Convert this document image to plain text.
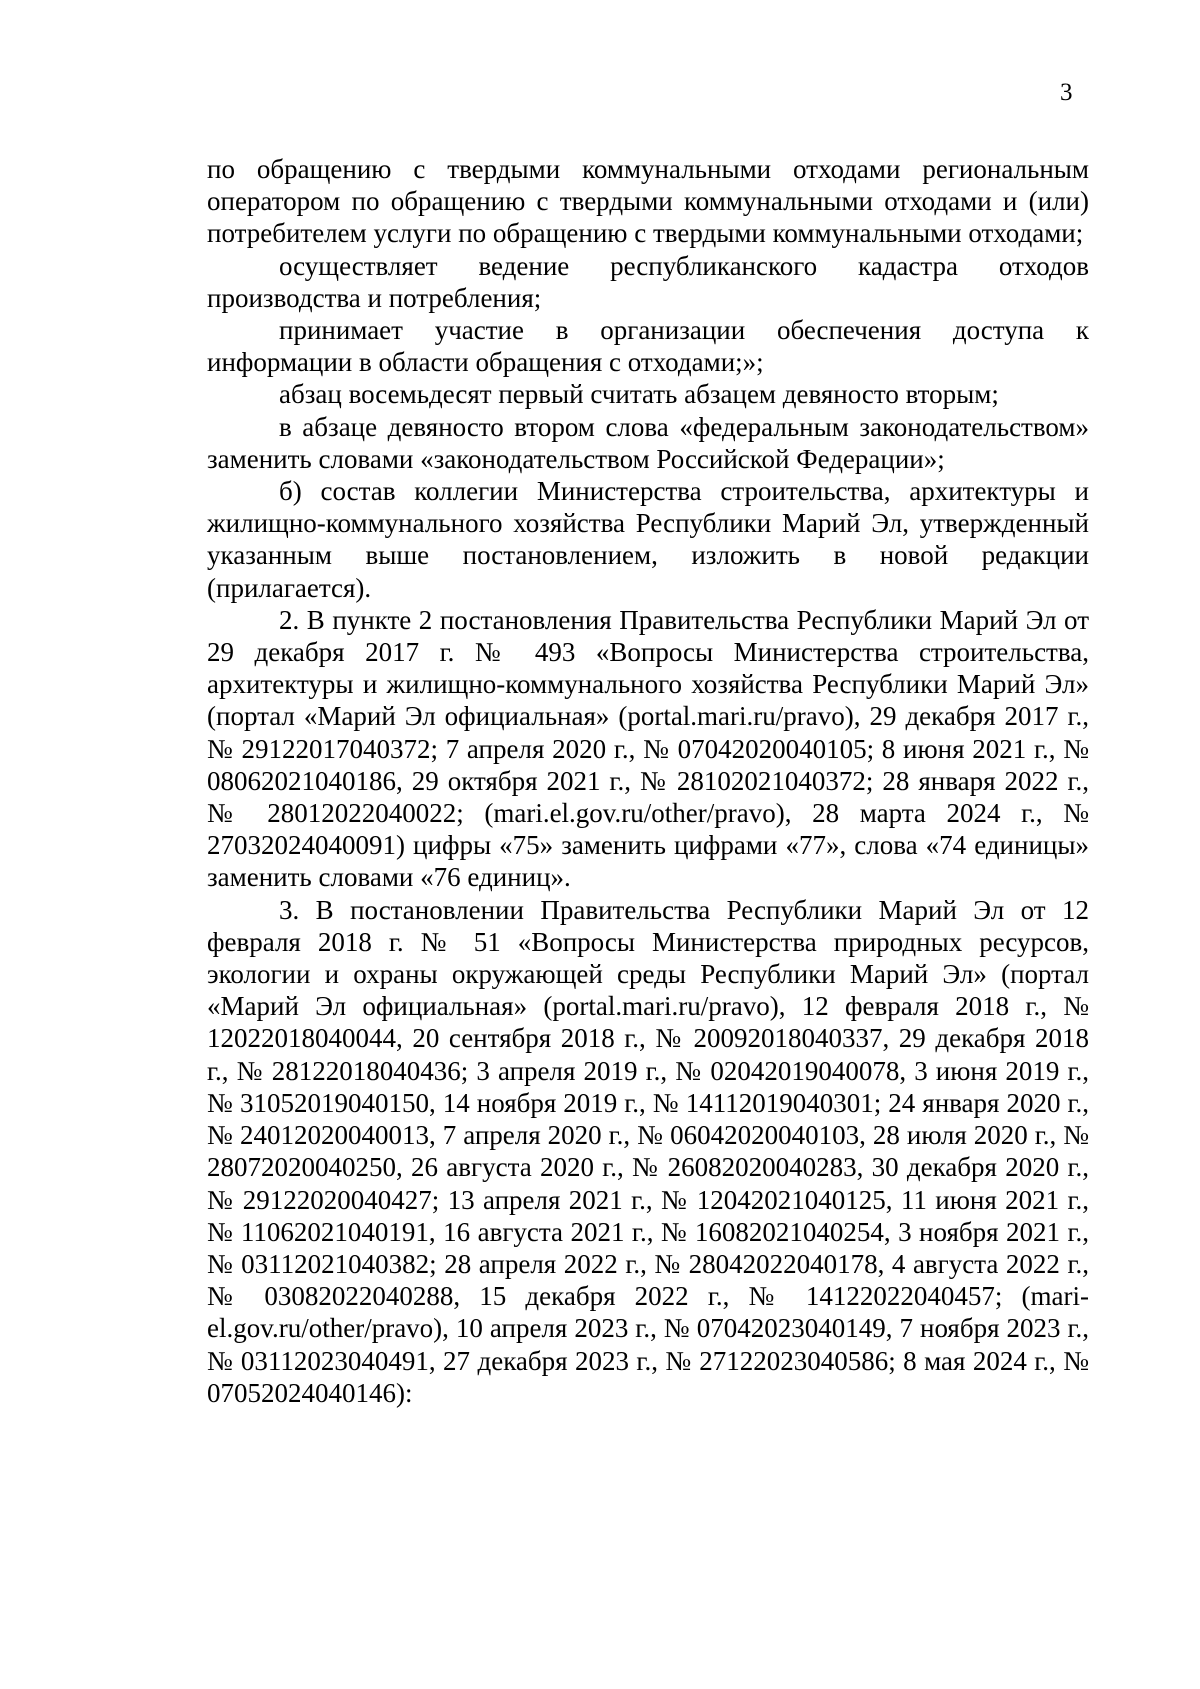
3

по обращению с твердыми коммунальными отходами региональным оператором по обращению с твердыми коммунальными отходами и (или) потребителем услуги по обращению с твердыми коммунальными отходами;

осуществляет ведение республиканского кадастра отходов производства и потребления;

принимает участие в организации обеспечения доступа к информации в области обращения с отходами;»;

абзац восемьдесят первый считать абзацем девяносто вторым;

в абзаце девяносто втором слова «федеральным законодательством» заменить словами «законодательством Российской Федерации»;

б) состав коллегии Министерства строительства, архитектуры и жилищно-коммунального хозяйства Республики Марий Эл, утвержденный указанным выше постановлением, изложить в новой редакции (прилагается).

2. В пункте 2 постановления Правительства Республики Марий Эл от 29 декабря 2017 г. № 493 «Вопросы Министерства строительства, архитектуры и жилищно-коммунального хозяйства Республики Марий Эл» (портал «Марий Эл официальная» (portal.mari.ru/pravo), 29 декабря 2017 г., № 29122017040372; 7 апреля 2020 г., № 07042020040105; 8 июня 2021 г., № 08062021040186, 29 октября 2021 г., № 28102021040372; 28 января 2022 г., № 28012022040022; (mari.el.gov.ru/other/pravo), 28 марта 2024 г., № 27032024040091) цифры «75» заменить цифрами «77», слова «74 единицы» заменить словами «76 единиц».

3. В постановлении Правительства Республики Марий Эл от 12 февраля 2018 г. № 51 «Вопросы Министерства природных ресурсов, экологии и охраны окружающей среды Республики Марий Эл» (портал «Марий Эл официальная» (portal.mari.ru/pravo), 12 февраля 2018 г., № 12022018040044, 20 сентября 2018 г., № 20092018040337, 29 декабря 2018 г., № 28122018040436; 3 апреля 2019 г., № 02042019040078, 3 июня 2019 г., № 31052019040150, 14 ноября 2019 г., № 14112019040301; 24 января 2020 г., № 24012020040013, 7 апреля 2020 г., № 06042020040103, 28 июля 2020 г., № 28072020040250, 26 августа 2020 г., № 26082020040283, 30 декабря 2020 г., № 29122020040427; 13 апреля 2021 г., № 12042021040125, 11 июня 2021 г., № 11062021040191, 16 августа 2021 г., № 16082021040254, 3 ноября 2021 г., № 03112021040382; 28 апреля 2022 г., № 28042022040178, 4 августа 2022 г., № 03082022040288, 15 декабря 2022 г., № 14122022040457; (mari-el.gov.ru/other/pravo), 10 апреля 2023 г., № 07042023040149, 7 ноября 2023 г., № 03112023040491, 27 декабря 2023 г., № 27122023040586; 8 мая 2024 г., № 07052024040146):
